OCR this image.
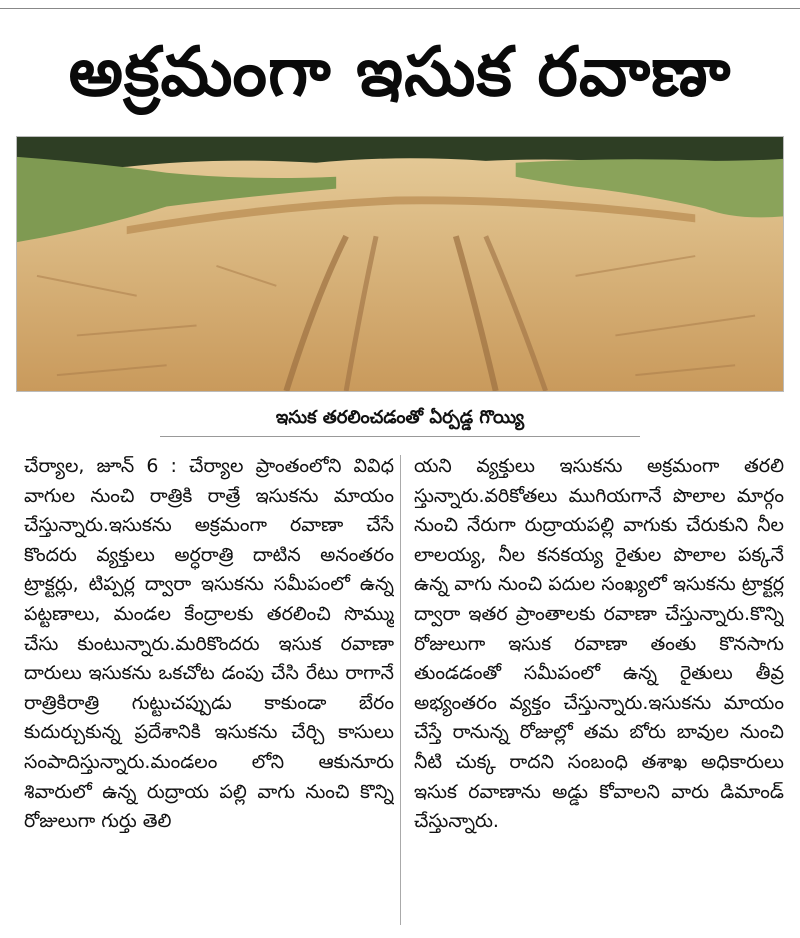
అక్రమంగా ఇసుక రవాణా
ఇసుక తరలించడంతో ఏర్పడ్డ గొయ్యి
చేర్యాల, జూన్ 6 : చేర్యాల ప్రాంతంలోని వివిధ వాగుల నుంచి రాత్రికి రాత్రే ఇసుకను మాయం చేస్తున్నారు.ఇసుకను అక్రమంగా రవాణా చేసే కొందరు వ్యక్తులు అర్ధరాత్రి దాటిన అనంతరం ట్రాక్టర్లు, టిప్పర్ల ద్వారా ఇసుకను సమీపంలో ఉన్న పట్టణాలు, మండల కేంద్రాలకు తరలించి సొమ్ము చేసు కుంటున్నారు.మరికొందరు ఇసుక రవాణా దారులు ఇసుకను ఒకచోట డంపు చేసి రేటు రాగానే రాత్రికిరాత్రి గుట్టుచప్పుడు కాకుండా బేరం కుదుర్చుకున్న ప్రదేశానికి ఇసుకను చేర్చి కాసులు సంపాదిస్తున్నారు.మండలం లోని ఆకునూరు శివారులో ఉన్న రుద్రాయ పల్లి వాగు నుంచి కొన్ని రోజులుగా గుర్తు తెలి
యని వ్యక్తులు ఇసుకను అక్రమంగా తరలి స్తున్నారు.వరికోతలు ముగియగానే పొలాల మార్గం నుంచి నేరుగా రుద్రాయపల్లి వాగుకు చేరుకుని నీల లాలయ్య, నీల కనకయ్య రైతుల పొలాల పక్కనే ఉన్న వాగు నుంచి పదుల సంఖ్యలో ఇసుకను ట్రాక్టర్ల ద్వారా ఇతర ప్రాంతాలకు రవాణా చేస్తున్నారు.కొన్ని రోజులుగా ఇసుక రవాణా తంతు కొనసాగు తుండడంతో సమీపంలో ఉన్న రైతులు తీవ్ర అభ్యంతరం వ్యక్తం చేస్తున్నారు.ఇసుకను మాయం చేస్తే రానున్న రోజుల్లో తమ బోరు బావుల నుంచి నీటి చుక్క రాదని సంబంధి తశాఖ అధికారులు ఇసుక రవాణాను అడ్డు కోవాలని వారు డిమాండ్ చేస్తున్నారు.
